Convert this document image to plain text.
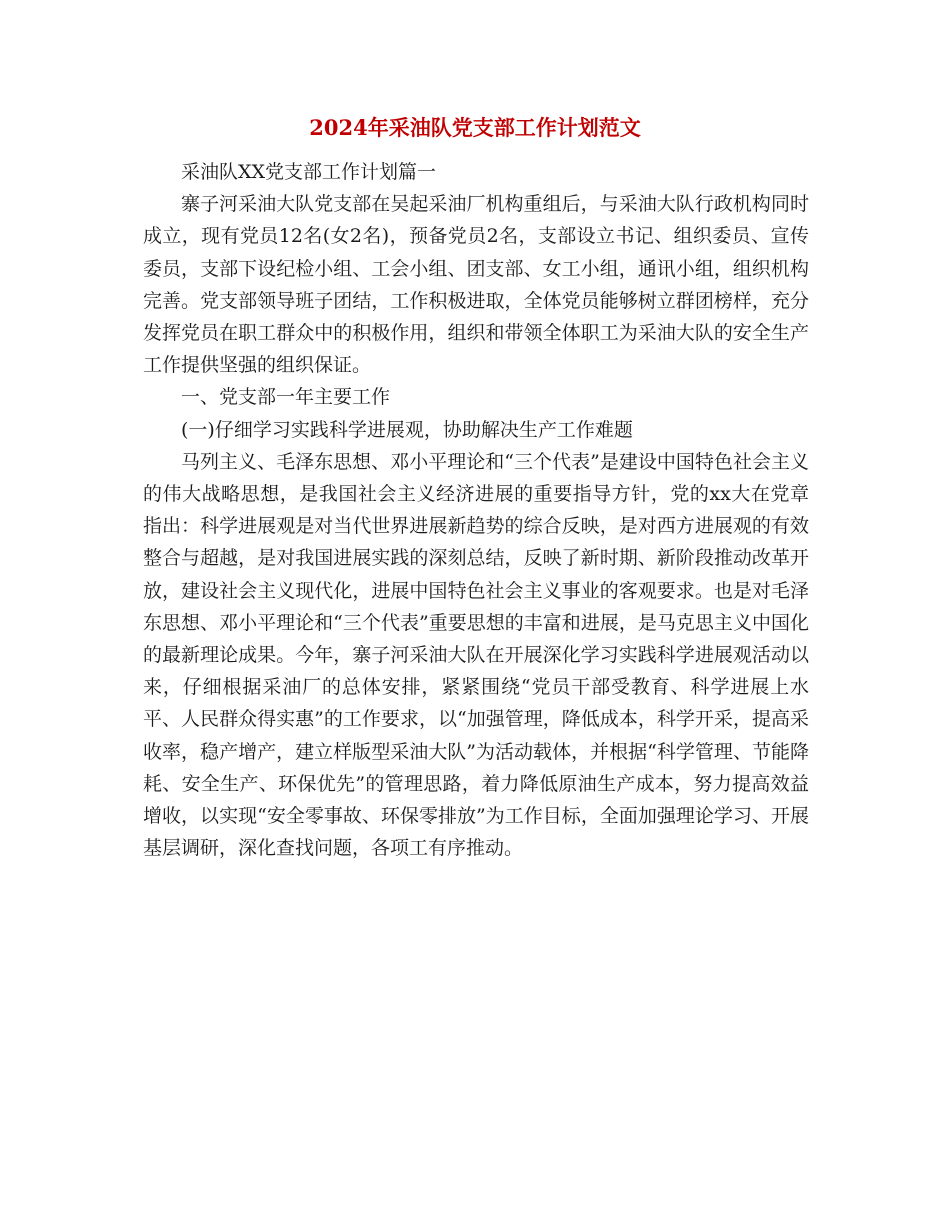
2024年采油队党支部工作计划范文

采油队XX党支部工作计划篇一

寨子河采油大队党支部在吴起采油厂机构重组后，与采油大队行政机构同时成立，现有党员12名(女2名)，预备党员2名，支部设立书记、组织委员、宣传委员，支部下设纪检小组、工会小组、团支部、女工小组，通讯小组，组织机构完善。党支部领导班子团结，工作积极进取，全体党员能够树立群团榜样，充分发挥党员在职工群众中的积极作用，组织和带领全体职工为采油大队的安全生产工作提供坚强的组织保证。

一、党支部一年主要工作

(一)仔细学习实践科学进展观，协助解决生产工作难题

马列主义、毛泽东思想、邓小平理论和“三个代表”是建设中国特色社会主义的伟大战略思想，是我国社会主义经济进展的重要指导方针，党的xx大在党章指出：科学进展观是对当代世界进展新趋势的综合反映，是对西方进展观的有效整合与超越，是对我国进展实践的深刻总结，反映了新时期、新阶段推动改革开放，建设社会主义现代化，进展中国特色社会主义事业的客观要求。也是对毛泽东思想、邓小平理论和“三个代表”重要思想的丰富和进展，是马克思主义中国化的最新理论成果。今年，寨子河采油大队在开展深化学习实践科学进展观活动以来，仔细根据采油厂的总体安排，紧紧围绕“党员干部受教育、科学进展上水平、人民群众得实惠”的工作要求，以“加强管理，降低成本，科学开采，提高采收率，稳产增产，建立样版型采油大队”为活动载体，并根据“科学管理、节能降耗、安全生产、环保优先”的管理思路，着力降低原油生产成本，努力提高效益增收，以实现“安全零事故、环保零排放”为工作目标，全面加强理论学习、开展基层调研，深化查找问题，各项工有序推动。
